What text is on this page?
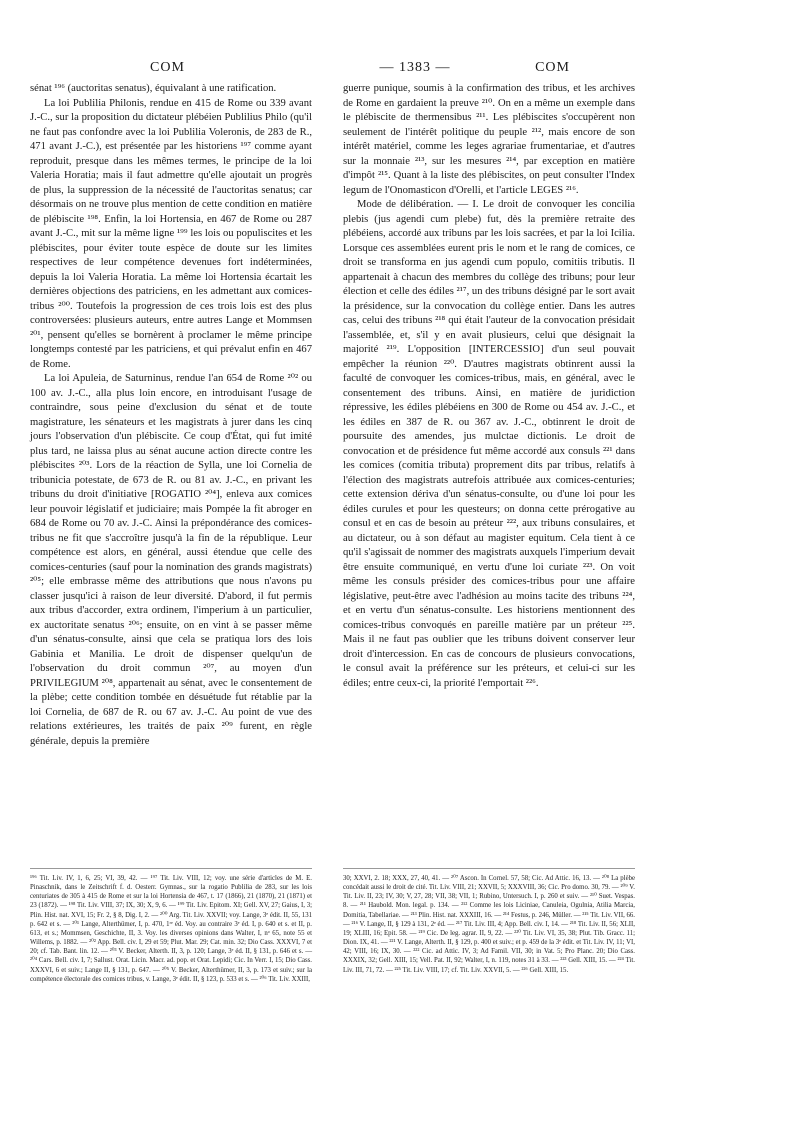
COM	— 1383 —	COM

sénat ¹⁹⁶ (auctoritas senatus), équivalant à une ratification.

La loi Publilia Philonis, rendue en 415 de Rome ou 339 avant J.-C., sur la proposition du dictateur plébéien Publilius Philo (qu'il ne faut pas confondre avec la loi Publilia Voleronis, de 283 de R., 471 avant J.-C.), est présentée par les historiens ¹⁹⁷ comme ayant reproduit, presque dans les mêmes termes, le principe de la loi Valeria Horatia; mais il faut admettre qu'elle ajoutait un progrès de plus, la suppression de la nécessité de l'auctoritas senatus; car désormais on ne trouve plus mention de cette condition en matière de plébiscite ¹⁹⁸. Enfin, la loi Hortensia, en 467 de Rome ou 287 avant J.-C., mit sur la même ligne ¹⁹⁹ les lois ou populiscites et les plébiscites, pour éviter toute espèce de doute sur les limites respectives de leur compétence devenues fort indéterminées, depuis la loi Valeria Horatia. La même loi Hortensia écartait les dernières objections des patriciens, en les admettant aux comices-tribus ²⁰⁰. Toutefois la progression de ces trois lois est des plus controversées: plusieurs auteurs, entre autres Lange et Mommsen ²⁰¹, pensent qu'elles se bornèrent à proclamer le même principe longtemps contesté par les patriciens, et qui prévalut enfin en 467 de Rome.

La loi Apuleia, de Saturninus, rendue l'an 654 de Rome ²⁰² ou 100 av. J.-C., alla plus loin encore, en introduisant l'usage de contraindre, sous peine d'exclusion du sénat et de toute magistrature, les sénateurs et les magistrats à jurer dans les cinq jours l'observation d'un plébiscite. Ce coup d'État, qui fut imité plus tard, ne laissa plus au sénat aucune action directe contre les plébiscites ²⁰³. Lors de la réaction de Sylla, une loi Cornelia de tribunicia potestate, de 673 de R. ou 81 av. J.-C., en privant les tribuns du droit d'initiative [ROGATIO ²⁰⁴], enleva aux comices leur pouvoir législatif et judiciaire; mais Pompée la fit abroger en 684 de Rome ou 70 av. J.-C. Ainsi la prépondérance des comices-tribus ne fit que s'accroître jusqu'à la fin de la république. Leur compétence est alors, en général, aussi étendue que celle des comices-centuries (sauf pour la nomination des grands magistrats) ²⁰⁵; elle embrasse même des attributions que nous n'avons pu classer jusqu'ici à raison de leur diversité. D'abord, il fut permis aux tribus d'accorder, extra ordinem, l'imperium à un particulier, ex auctoritate senatus ²⁰⁶; ensuite, on en vint à se passer même d'un sénatus-consulte, ainsi que cela se pratiqua lors des lois Gabinia et Manilia. Le droit de dispenser quelqu'un de l'observation du droit commun ²⁰⁷, au moyen d'un PRIVILEGIUM ²⁰⁸, appartenait au sénat, avec le consentement de la plèbe; cette condition tombée en désuétude fut rétablie par la loi Cornelia, de 687 de R. ou 67 av. J.-C. Au point de vue des relations extérieures, les traités de paix ²⁰⁹ furent, en règle générale, depuis la première

guerre punique, soumis à la confirmation des tribus, et les archives de Rome en gardaient la preuve ²¹⁰. On en a même un exemple dans le plébiscite de thermensibus ²¹¹. Les plébiscites s'occupèrent non seulement de l'intérêt politique du peuple ²¹², mais encore de son intérêt matériel, comme les leges agrariae frumentariae, et d'autres sur la monnaie ²¹³, sur les mesures ²¹⁴, par exception en matière d'impôt ²¹⁵. Quant à la liste des plébiscites, on peut consulter l'Index legum de l'Onomasticon d'Orelli, et l'article LEGES ²¹⁶.

Mode de délibération. — I. Le droit de convoquer les concilia plebis (jus agendi cum plebe) fut, dès la première retraite des plébéiens, accordé aux tribuns par les lois sacrées, et par la loi Icilia. Lorsque ces assemblées eurent pris le nom et le rang de comices, ce droit se transforma en jus agendi cum populo, comitiis tributis. Il appartenait à chacun des membres du collège des tribuns; pour leur élection et celle des édiles ²¹⁷, un des tribuns désigné par le sort avait la présidence, sur la convocation du collège entier. Dans les autres cas, celui des tribuns ²¹⁸ qui était l'auteur de la convocation présidait l'assemblée, et, s'il y en avait plusieurs, celui que désignait la majorité ²¹⁹. L'opposition [INTERCESSIO] d'un seul pouvait empêcher la réunion ²²⁰. D'autres magistrats obtinrent aussi la faculté de convoquer les comices-tribus, mais, en général, avec le consentement des tribuns. Ainsi, en matière de juridiction répressive, les édiles plébéiens en 300 de Rome ou 454 av. J.-C., et les édiles en 387 de R. ou 367 av. J.-C., obtinrent le droit de poursuite des amendes, jus mulctae dictionis. Le droit de convocation et de présidence fut même accordé aux consuls ²²¹ dans les comices (comitia tributa) proprement dits par tribus, relatifs à l'élection des magistrats autrefois attribuée aux comices-centuries; cette extension dériva d'un sénatus-consulte, ou d'une loi pour les édiles curules et pour les questeurs; on donna cette prérogative au consul et en cas de besoin au préteur ²²², aux tribuns consulaires, et au dictateur, ou à son défaut au magister equitum. Cela tient à ce qu'il s'agissait de nommer des magistrats auxquels l'imperium devait être ensuite communiqué, en vertu d'une loi curiate ²²³. On voit même les consuls présider des comices-tribus pour une affaire législative, peut-être avec l'adhésion au moins tacite des tribuns ²²⁴, et en vertu d'un sénatus-consulte. Les historiens mentionnent des comices-tribus convoqués en pareille matière par un préteur ²²⁵. Mais il ne faut pas oublier que les tribuns doivent conserver leur droit d'intercession. En cas de concours de plusieurs convocations, le consul avait la préférence sur les préteurs, et celui-ci sur les édiles; entre ceux-ci, la priorité l'emportait ²²⁶.

¹⁹⁶ Tit. Liv. IV, 1, 6, 25; VI, 39, 42. — ¹⁹⁷ Tit. Liv. VIII, 12; voy. une série d'articles de M. E. Pinaschnik, dans le Zeitschrift f. d. Oesterr. Gymnas., sur la rogatio Publilia de 283, sur les lois centuriates de 305 à 415 de Rome et sur la loi Hortensia de 467, t. 17 (1866), 21 (1870), 21 (1871) et 23 (1872). — ¹⁹⁸ Tit. Liv. VIII, 37; IX, 30; X, 9, 6. — ¹⁹⁹ Tit. Liv. Epitom. XI; Gell. XV, 27; Gaius, I, 3; Plin. Hist. nat. XVI, 15; Fr. 2, § 8, Dig. I, 2. — ²⁰⁰ Arg. Tit. Liv. XXVII; voy. Lange, 3ᵉ édit. II, 55, 131 p. 642 et s. — ²⁰¹ Lange, Alterthümer, I, p. 470, 1ʳᵉ éd. Voy. au contraire 3ᵉ éd. I, p. 640 et s. et II, p. 613, et s.; Mommsen, Geschichte, II, 3. Voy. les diverses opinions dans Walter, I, nᵒ 65, note 55 et Willems, p. 1882. — ²⁰² App. Bell. civ. I, 29 et 59; Plut. Mar. 29; Cat. min. 32; Dio Cass. XXXVI, 7 et 20; cf. Tab. Bant. lin. 12. — ²⁰³ V. Becker, Alterth. II, 3, p. 120; Lange, 3ᵉ éd. II, § 131, p. 646 et s. — ²⁰⁴ Cars. Bell. civ. I, 7; Sallust. Orat. Licin. Macr. ad. pop. et Orat. Lepidi; Cic. In Verr. I, 15; Dio Cass. XXXVI, 6 et suiv.; Lange II, § 131, p. 647. — ²⁰⁵ V. Becker, Alterthümer, II, 3, p. 173 et suiv.; sur la compétence électorale des comices tribus, v. Lange, 3ᵉ édit. II, § 123, p. 533 et s. — ²⁰⁶ Tit. Liv. XXIII,
30; XXVI, 2. 18; XXX, 27, 40, 41. — ²⁰⁷ Ascon. In Cornel. 57, 58; Cic. Ad Attic. 16, 13. — ²⁰⁸ La plèbe concédait aussi le droit de cité. Tit. Liv. VIII, 21; XXVII, 5; XXXVIII, 36; Cic. Pro domo. 30, 79. — ²⁰⁹ V. Tit. Liv. II, 23; IV, 30; V, 27, 28; VII, 38; VII, 1; Rubino, Untersuch. I, p. 260 et suiv. — ²¹⁰ Suet. Vespas. 8. — ²¹¹ Haubold. Mon. legal. p. 134. — ²¹² Comme les lois Liciniae, Canuleia, Ogulnia, Atilia Marcia, Domitia, Tabellariae. — ²¹³ Plin. Hist. nat. XXXIII, 16. — ²¹⁴ Festus, p. 246, Müller. — ²¹⁵ Tit. Liv. VII, 66. — ²¹⁶ V. Lange, II, § 129 à 131, 2ᵉ éd. — ²¹⁷ Tit. Liv. III, 4; App. Bell. civ. I, 14. — ²¹⁸ Tit. Liv. II, 56; XLII, 19; XLIII, 16; Epit. 58. — ²¹⁹ Cic. De leg. agrar. II, 9, 22. — ²²⁰ Tit. Liv. VI, 35, 38; Plut. Tib. Gracc. 11; Dion. IX, 41. — ²²¹ V. Lange, Alterth. II, § 129, p. 400 et suiv.; et p. 459 de la 3ᵉ édit. et Tit. Liv. IV, 11; VI, 42; VIII, 16; IX, 30. — ²²² Cic. ad Attic. IV, 3; Ad Famil. VII, 30; in Vat. 5; Pro Planc. 20; Dio Cass. XXXIX, 32; Gell. XIII, 15; Vell. Pat. II, 92; Walter, I, n. 119, notes 31 à 33. — ²²³ Gell. XIII, 15. — ²²⁴ Tit. Liv. III, 71, 72. — ²²⁵ Tit. Liv. VIII, 17; cf. Tit. Liv. XXVII, 5. — ²²⁶ Gell. XIII, 15.
